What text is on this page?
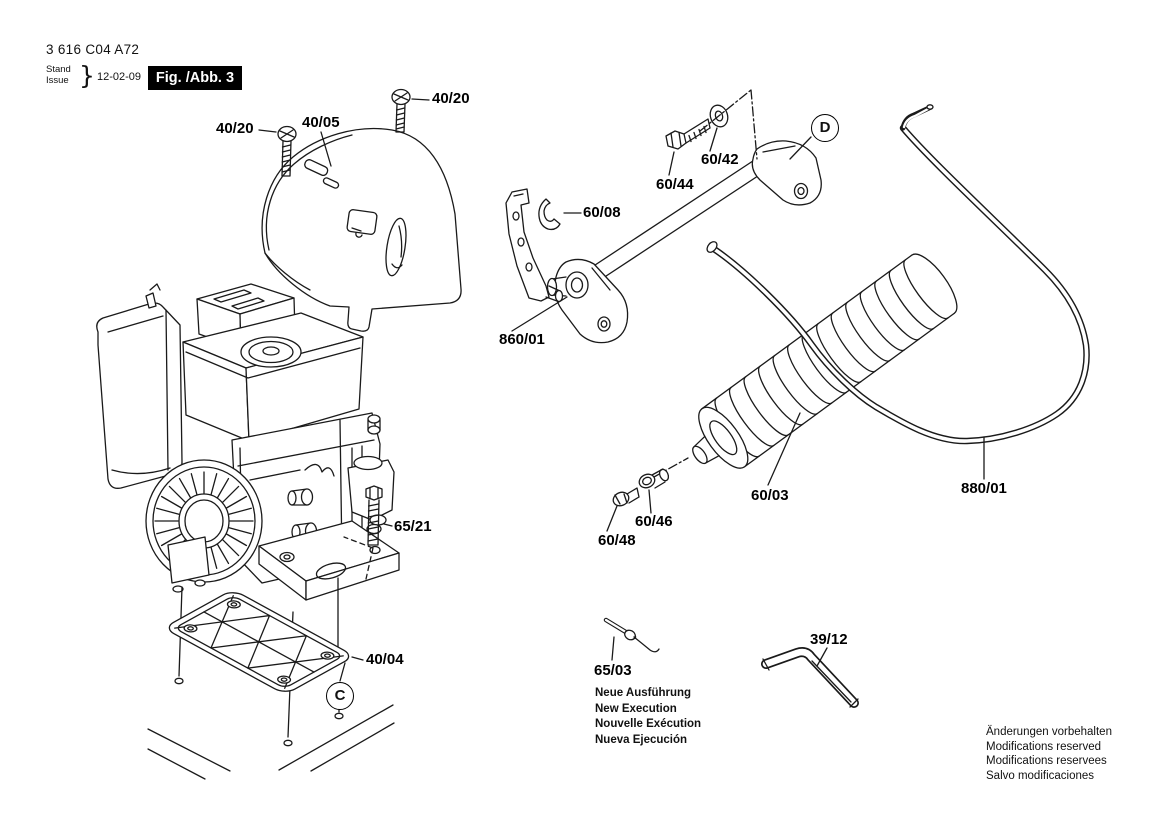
3 616 C04 A72
Stand
Issue } 12-02-09	Fig. /Abb. 3
40/20	40/05
40/20
60/08
60/44
60/42
860/01
60/03	880/01
60/46
60/48
65/21
40/04
65/03
39/12
D
C	Neue Ausführung
New Execution
Nouvelle Exécution
Nueva Ejecución
Änderungen vorbehalten
Modifications reserved
Modifications reservees
Salvo modificaciones
